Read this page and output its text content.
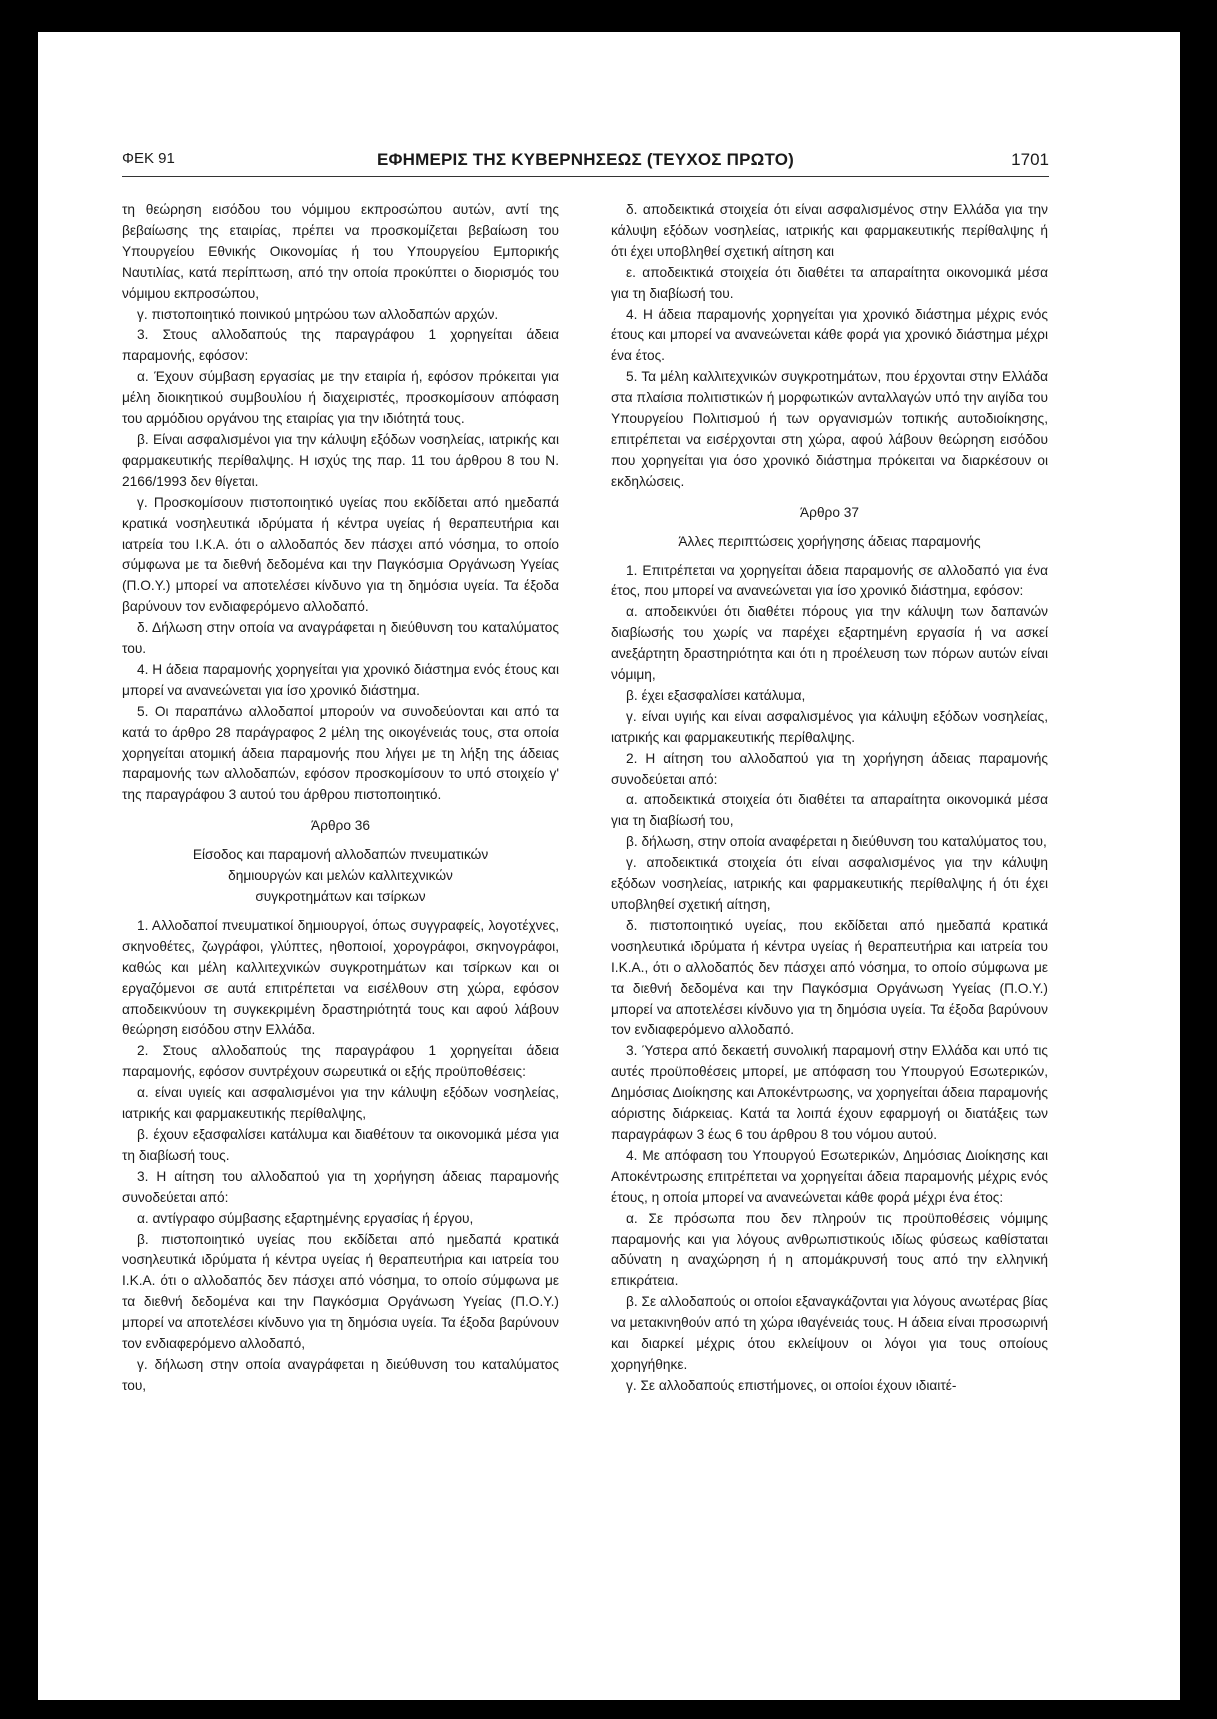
ΦΕΚ 91	ΕΦΗΜΕΡΙΣ ΤΗΣ ΚΥΒΕΡΝΗΣΕΩΣ (ΤΕΥΧΟΣ ΠΡΩΤΟ)	1701

τη θεώρηση εισόδου του νόμιμου εκπροσώπου αυτών, αντί της βεβαίωσης της εταιρίας, πρέπει να προσκομίζεται βεβαίωση του Υπουργείου Εθνικής Οικονομίας ή του Υπουργείου Εμπορικής Ναυτιλίας, κατά περίπτωση, από την οποία προκύπτει ο διορισμός του νόμιμου εκπροσώπου,

γ. πιστοποιητικό ποινικού μητρώου των αλλοδαπών αρχών.

3. Στους αλλοδαπούς της παραγράφου 1 χορηγείται άδεια παραμονής, εφόσον:

α. Έχουν σύμβαση εργασίας με την εταιρία ή, εφόσον πρόκειται για μέλη διοικητικού συμβουλίου ή διαχειριστές, προσκομίσουν απόφαση του αρμόδιου οργάνου της εταιρίας για την ιδιότητά τους.

β. Είναι ασφαλισμένοι για την κάλυψη εξόδων νοσηλείας, ιατρικής και φαρμακευτικής περίθαλψης. Η ισχύς της παρ. 11 του άρθρου 8 του Ν. 2166/1993 δεν θίγεται.

γ. Προσκομίσουν πιστοποιητικό υγείας που εκδίδεται από ημεδαπά κρατικά νοσηλευτικά ιδρύματα ή κέντρα υγείας ή θεραπευτήρια και ιατρεία του Ι.Κ.Α. ότι ο αλλοδαπός δεν πάσχει από νόσημα, το οποίο σύμφωνα με τα διεθνή δεδομένα και την Παγκόσμια Οργάνωση Υγείας (Π.Ο.Υ.) μπορεί να αποτελέσει κίνδυνο για τη δημόσια υγεία. Τα έξοδα βαρύνουν τον ενδιαφερόμενο αλλοδαπό.

δ. Δήλωση στην οποία να αναγράφεται η διεύθυνση του καταλύματος του.

4. Η άδεια παραμονής χορηγείται για χρονικό διάστημα ενός έτους και μπορεί να ανανεώνεται για ίσο χρονικό διάστημα.

5. Οι παραπάνω αλλοδαποί μπορούν να συνοδεύονται και από τα κατά το άρθρο 28 παράγραφος 2 μέλη της οικογένειάς τους, στα οποία χορηγείται ατομική άδεια παραμονής που λήγει με τη λήξη της άδειας παραμονής των αλλοδαπών, εφόσον προσκομίσουν το υπό στοιχείο γ' της παραγράφου 3 αυτού του άρθρου πιστοποιητικό.

Άρθρο 36
Είσοδος και παραμονή αλλοδαπών πνευματικών
δημιουργών και μελών καλλιτεχνικών
συγκροτημάτων και τσίρκων

1. Αλλοδαποί πνευματικοί δημιουργοί, όπως συγγραφείς, λογοτέχνες, σκηνοθέτες, ζωγράφοι, γλύπτες, ηθοποιοί, χορογράφοι, σκηνογράφοι, καθώς και μέλη καλλιτεχνικών συγκροτημάτων και τσίρκων και οι εργαζόμενοι σε αυτά επιτρέπεται να εισέλθουν στη χώρα, εφόσον αποδεικνύουν τη συγκεκριμένη δραστηριότητά τους και αφού λάβουν θεώρηση εισόδου στην Ελλάδα.

2. Στους αλλοδαπούς της παραγράφου 1 χορηγείται άδεια παραμονής, εφόσον συντρέχουν σωρευτικά οι εξής προϋποθέσεις:

α. είναι υγιείς και ασφαλισμένοι για την κάλυψη εξόδων νοσηλείας, ιατρικής και φαρμακευτικής περίθαλψης,

β. έχουν εξασφαλίσει κατάλυμα και διαθέτουν τα οικονομικά μέσα για τη διαβίωσή τους.

3. Η αίτηση του αλλοδαπού για τη χορήγηση άδειας παραμονής συνοδεύεται από:

α. αντίγραφο σύμβασης εξαρτημένης εργασίας ή έργου,

β. πιστοποιητικό υγείας που εκδίδεται από ημεδαπά κρατικά νοσηλευτικά ιδρύματα ή κέντρα υγείας ή θεραπευτήρια και ιατρεία του Ι.Κ.Α. ότι ο αλλοδαπός δεν πάσχει από νόσημα, το οποίο σύμφωνα με τα διεθνή δεδομένα και την Παγκόσμια Οργάνωση Υγείας (Π.Ο.Υ.) μπορεί να αποτελέσει κίνδυνο για τη δημόσια υγεία. Τα έξοδα βαρύνουν τον ενδιαφερόμενο αλλοδαπό,

γ. δήλωση στην οποία αναγράφεται η διεύθυνση του καταλύματος του,

δ. αποδεικτικά στοιχεία ότι είναι ασφαλισμένος στην Ελλάδα για την κάλυψη εξόδων νοσηλείας, ιατρικής και φαρμακευτικής περίθαλψης ή ότι έχει υποβληθεί σχετική αίτηση και

ε. αποδεικτικά στοιχεία ότι διαθέτει τα απαραίτητα οικονομικά μέσα για τη διαβίωσή του.

4. Η άδεια παραμονής χορηγείται για χρονικό διάστημα μέχρις ενός έτους και μπορεί να ανανεώνεται κάθε φορά για χρονικό διάστημα μέχρι ένα έτος.

5. Τα μέλη καλλιτεχνικών συγκροτημάτων, που έρχονται στην Ελλάδα στα πλαίσια πολιτιστικών ή μορφωτικών ανταλλαγών υπό την αιγίδα του Υπουργείου Πολιτισμού ή των οργανισμών τοπικής αυτοδιοίκησης, επιτρέπεται να εισέρχονται στη χώρα, αφού λάβουν θεώρηση εισόδου που χορηγείται για όσο χρονικό διάστημα πρόκειται να διαρκέσουν οι εκδηλώσεις.

Άρθρο 37
Άλλες περιπτώσεις χορήγησης άδειας παραμονής

1. Επιτρέπεται να χορηγείται άδεια παραμονής σε αλλοδαπό για ένα έτος, που μπορεί να ανανεώνεται για ίσο χρονικό διάστημα, εφόσον:

α. αποδεικνύει ότι διαθέτει πόρους για την κάλυψη των δαπανών διαβίωσής του χωρίς να παρέχει εξαρτημένη εργασία ή να ασκεί ανεξάρτητη δραστηριότητα και ότι η προέλευση των πόρων αυτών είναι νόμιμη,

β. έχει εξασφαλίσει κατάλυμα,

γ. είναι υγιής και είναι ασφαλισμένος για κάλυψη εξόδων νοσηλείας, ιατρικής και φαρμακευτικής περίθαλψης.

2. Η αίτηση του αλλοδαπού για τη χορήγηση άδειας παραμονής συνοδεύεται από:

α. αποδεικτικά στοιχεία ότι διαθέτει τα απαραίτητα οικονομικά μέσα για τη διαβίωσή του,

β. δήλωση, στην οποία αναφέρεται η διεύθυνση του καταλύματος του,

γ. αποδεικτικά στοιχεία ότι είναι ασφαλισμένος για την κάλυψη εξόδων νοσηλείας, ιατρικής και φαρμακευτικής περίθαλψης ή ότι έχει υποβληθεί σχετική αίτηση,

δ. πιστοποιητικό υγείας, που εκδίδεται από ημεδαπά κρατικά νοσηλευτικά ιδρύματα ή κέντρα υγείας ή θεραπευτήρια και ιατρεία του Ι.Κ.Α., ότι ο αλλοδαπός δεν πάσχει από νόσημα, το οποίο σύμφωνα με τα διεθνή δεδομένα και την Παγκόσμια Οργάνωση Υγείας (Π.Ο.Υ.) μπορεί να αποτελέσει κίνδυνο για τη δημόσια υγεία. Τα έξοδα βαρύνουν τον ενδιαφερόμενο αλλοδαπό.

3. Ύστερα από δεκαετή συνολική παραμονή στην Ελλάδα και υπό τις αυτές προϋποθέσεις μπορεί, με απόφαση του Υπουργού Εσωτερικών, Δημόσιας Διοίκησης και Αποκέντρωσης, να χορηγείται άδεια παραμονής αόριστης διάρκειας. Κατά τα λοιπά έχουν εφαρμογή οι διατάξεις των παραγράφων 3 έως 6 του άρθρου 8 του νόμου αυτού.

4. Με απόφαση του Υπουργού Εσωτερικών, Δημόσιας Διοίκησης και Αποκέντρωσης επιτρέπεται να χορηγείται άδεια παραμονής μέχρις ενός έτους, η οποία μπορεί να ανανεώνεται κάθε φορά μέχρι ένα έτος:

α. Σε πρόσωπα που δεν πληρούν τις προϋποθέσεις νόμιμης παραμονής και για λόγους ανθρωπιστικούς ιδίως φύσεως καθίσταται αδύνατη η αναχώρηση ή η απομάκρυνσή τους από την ελληνική επικράτεια.

β. Σε αλλοδαπούς οι οποίοι εξαναγκάζονται για λόγους ανωτέρας βίας να μετακινηθούν από τη χώρα ιθαγένειάς τους. Η άδεια είναι προσωρινή και διαρκεί μέχρις ότου εκλείψουν οι λόγοι για τους οποίους χορηγήθηκε.

γ. Σε αλλοδαπούς επιστήμονες, οι οποίοι έχουν ιδιαιτέ-
